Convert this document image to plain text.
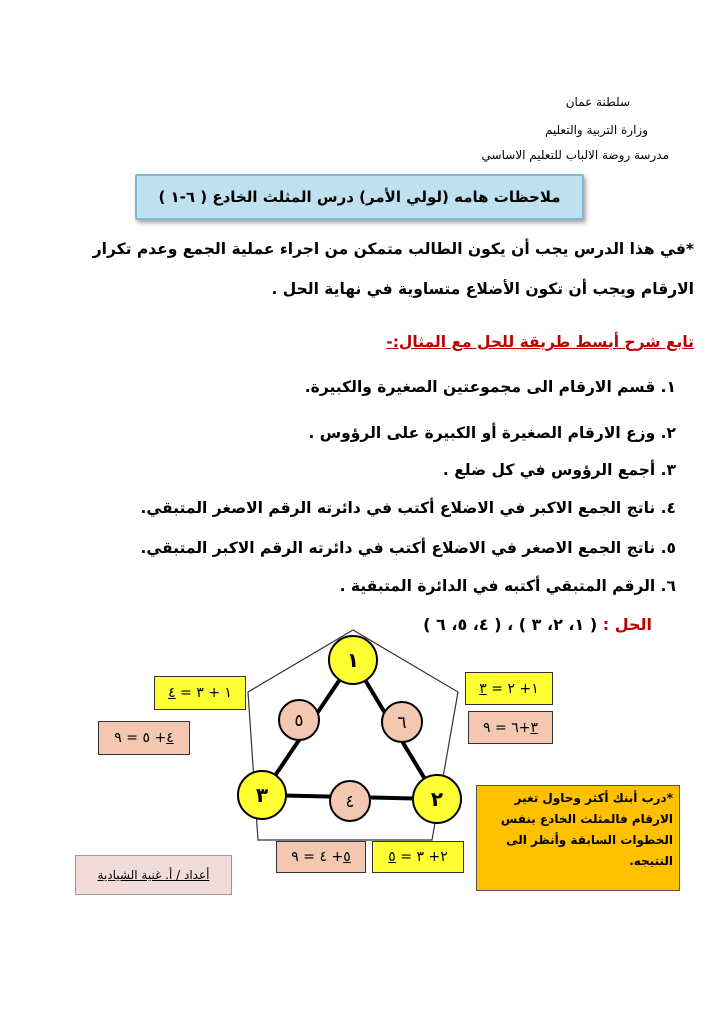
سلطنة عمان
وزارة التربية والتعليم
مدرسة روضة الالباب للتعليم الاساسي
ملاحظات هامه (لولي الأمر) درس المثلث الخادع ( ٦-١ )
*في هذا الدرس يجب أن يكون الطالب متمكن من اجراء عملية الجمع وعدم تكرار
الارقام ويجب أن تكون الأضلاع متساوية في نهاية الحل .
تابع شرح أبسط طريقة للحل مع المثال:-
١. قسم الارقام الى مجموعتين الصغيرة والكبيرة.
٢. وزع الارقام الصغيرة أو الكبيرة على الرؤوس .
٣. أجمع الرؤوس في كل ضلع .
٤. ناتج الجمع الاكبر في الاضلاع أكتب في دائرته الرقم الاصغر المتبقي.
٥. ناتج الجمع الاصغر في الاضلاع أكتب في دائرته الرقم الاكبر المتبقي.
٦. الرقم المتبقي أكتبه في الدائرة المتبقية .
الحل : ( ١، ٢، ٣ ) ، ( ٤، ٥، ٦ )
١
٣	٢
٥	٦
٤
١ + ٣ =

٤
٤
+ ٥ = ٩
١+ ٢ =

٣
٣
+٦ = ٩
٢+ ٣ =

٥
٥
+ ٤ = ٩
*درب أبنك أكثر وحاول تغير الارقام فالمثلث الخادع بنفس الخطوات السابقة وأنظر الى النتيجه.
أعداد / أ. غنية الشيادية
